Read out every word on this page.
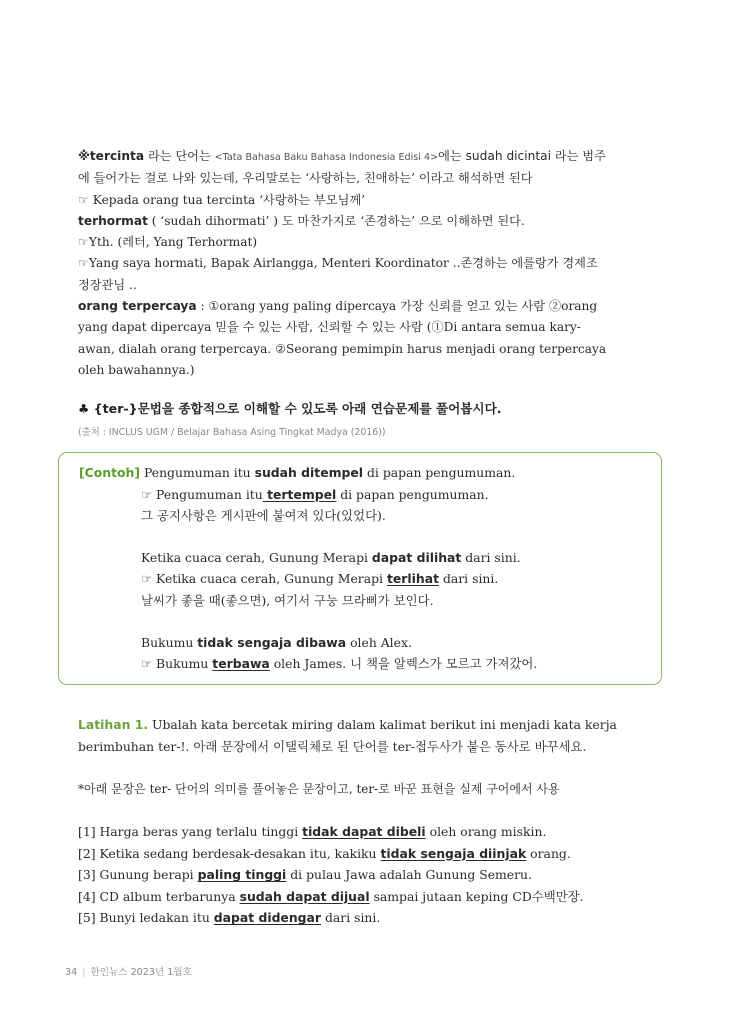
※tercinta 라는 단어는 <Tata Bahasa Baku Bahasa Indonesia Edisi 4>에는 sudah dicintai 라는 범주

에 들어가는 걸로 나와 있는데, 우리말로는 ‘사랑하는, 친애하는’ 이라고 해석하면 된다

☞ Kepada orang tua tercinta ‘사랑하는 부모님께’

terhormat ( ‘sudah dihormati’ ) 도 마찬가지로 ‘존경하는’ 으로 이해하면 된다.

☞Yth. (레터, Yang Terhormat)

☞Yang saya hormati, Bapak Airlangga, Menteri Koordinator ..존경하는 에를랑가 경제조

정장관님 ..

orang terpercaya : ①orang yang paling dipercaya 가장 신뢰를 얻고 있는 사람 ②orang

yang dapat dipercaya 믿을 수 있는 사람, 신뢰할 수 있는 사람 (①Di antara semua kary-

awan, dialah orang terpercaya. ②Seorang pemimpin harus menjadi orang terpercaya

oleh bawahannya.)

♣ {ter-}문법을 종합적으로 이해할 수 있도록 아래 연습문제를 풀어봅시다.
(출처 : INCLUS UGM / Belajar Bahasa Asing Tingkat Madya (2016))

[Contoh] Pengumuman itu sudah ditempel di papan pengumuman.

☞ Pengumuman itu tertempel di papan pengumuman.

그 공지사항은 게시판에 붙여져 있다(있었다).

Ketika cuaca cerah, Gunung Merapi dapat dilihat dari sini.

☞ Ketika cuaca cerah, Gunung Merapi terlihat dari sini.

날씨가 좋을 때(좋으면), 여기서 구눙 므라삐가 보인다.

Bukumu tidak sengaja dibawa oleh Alex.

☞ Bukumu terbawa oleh James. 니 책을 알렉스가 모르고 가져갔어.

Latihan 1. Ubalah kata bercetak miring dalam kalimat berikut ini menjadi kata kerja

berimbuhan ter-!. 아래 문장에서 이탤릭체로 된 단어를 ter-접두사가 붙은 동사로 바꾸세요.

*아래 문장은 ter- 단어의 의미를 풀어놓은 문장이고, ter-로 바꾼 표현을 실제 구어에서 사용

[1] Harga beras yang terlalu tinggi tidak dapat dibeli oleh orang miskin.

[2] Ketika sedang berdesak-desakan itu, kakiku tidak sengaja diinjak orang.

[3] Gunung berapi paling tinggi di pulau Jawa adalah Gunung Semeru.

[4] CD album terbarunya sudah dapat dijual sampai jutaan keping CD수백만장.

[5] Bunyi ledakan itu dapat didengar dari sini.

34 | 한인뉴스 2023년 1월호
